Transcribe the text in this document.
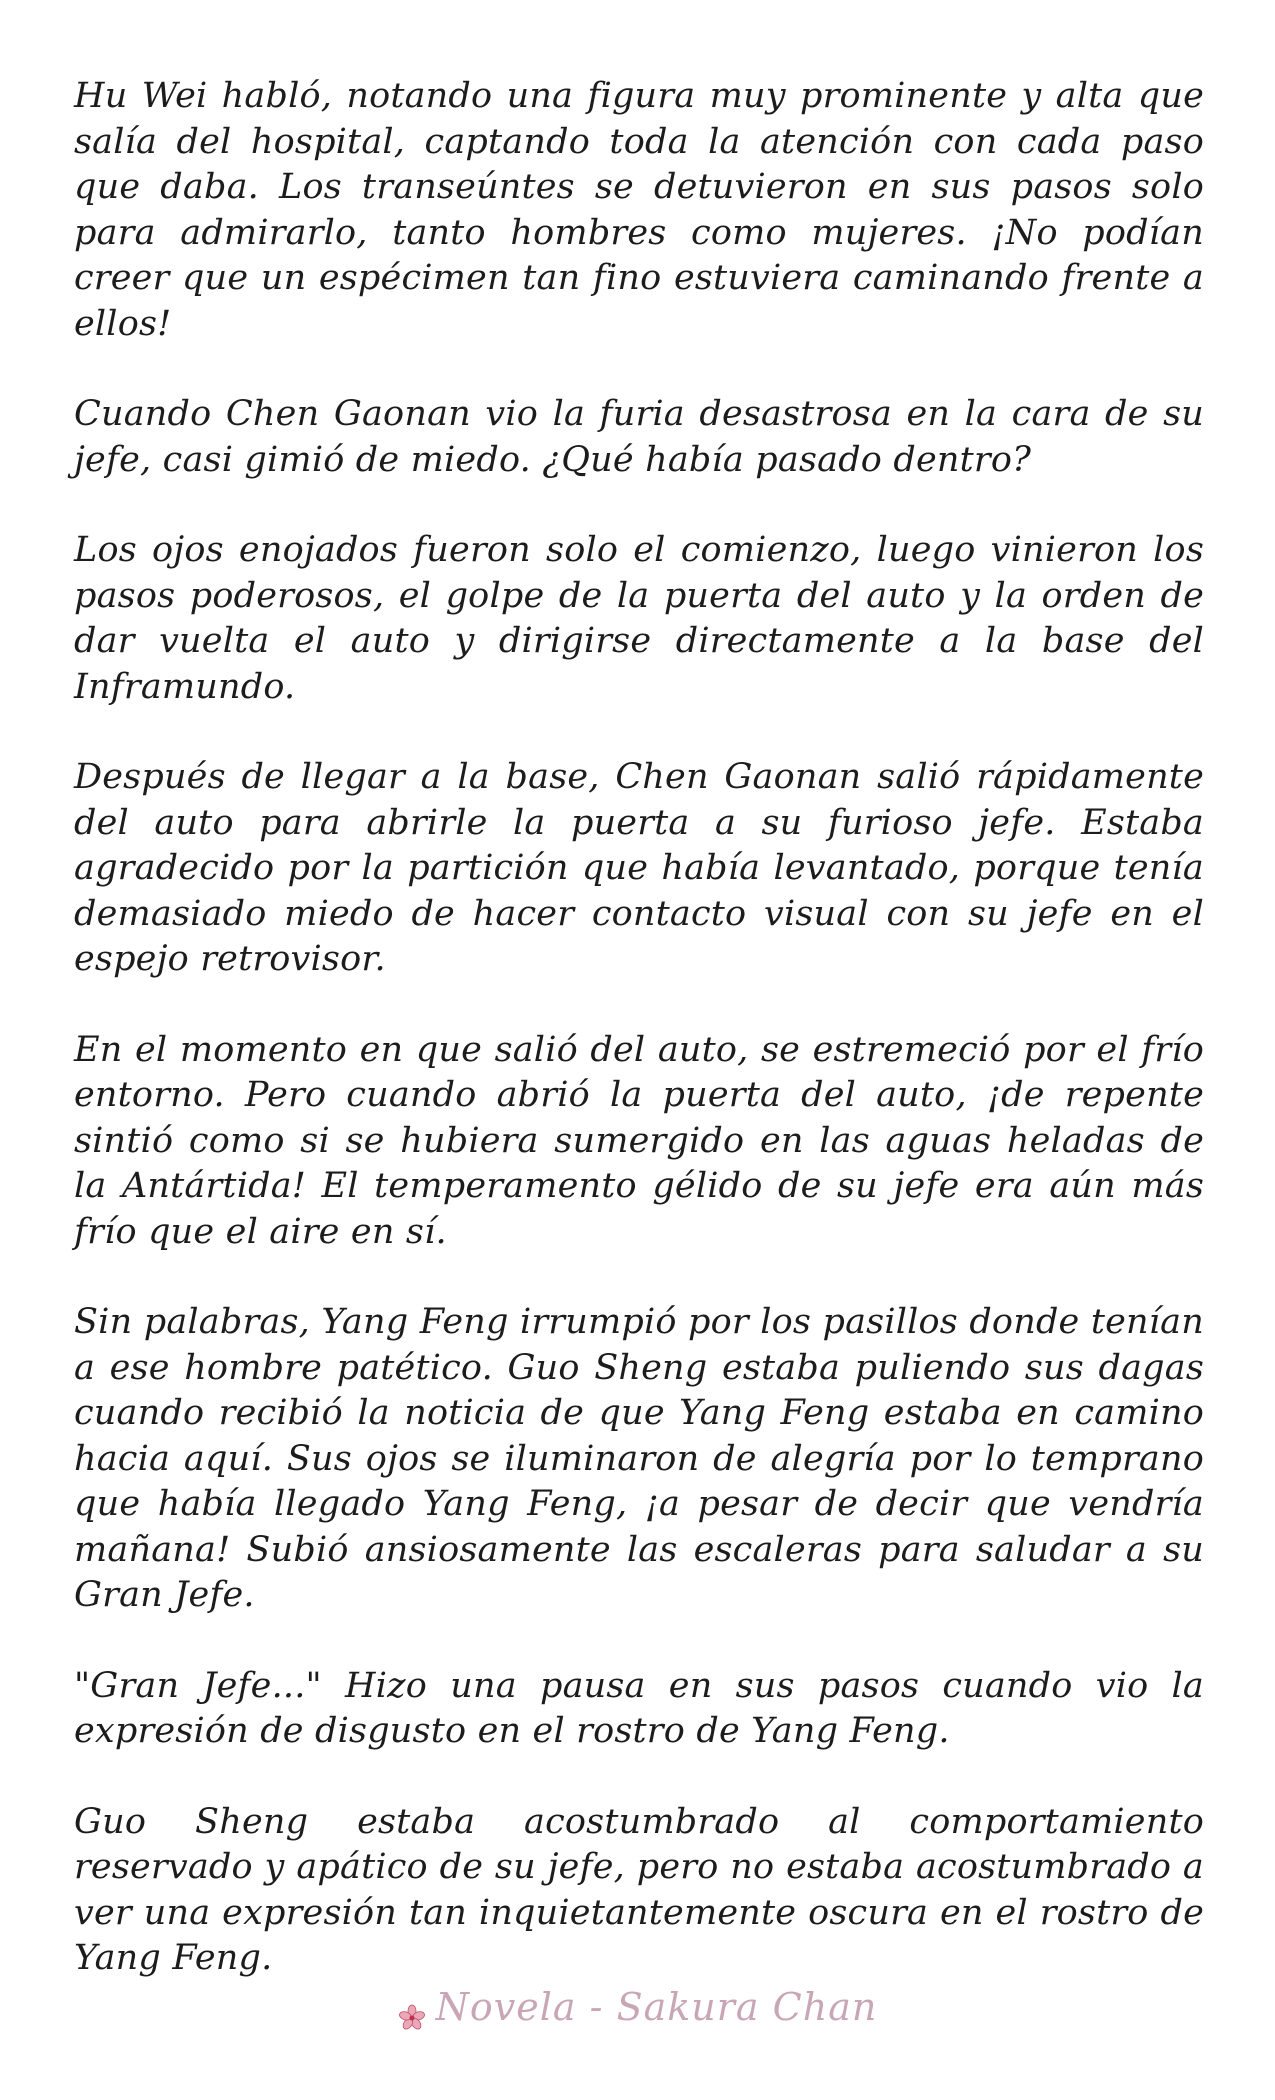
Hu Wei habló, notando una figura muy prominente y alta que salía del hospital, captando toda la atención con cada paso que daba. Los transeúntes se detuvieron en sus pasos solo para admirarlo, tanto hombres como mujeres. ¡No podían creer que un espécimen tan fino estuviera caminando frente a ellos!

Cuando Chen Gaonan vio la furia desastrosa en la cara de su jefe, casi gimió de miedo. ¿Qué había pasado dentro?

Los ojos enojados fueron solo el comienzo, luego vinieron los pasos poderosos, el golpe de la puerta del auto y la orden de dar vuelta el auto y dirigirse directamente a la base del Inframundo.

Después de llegar a la base, Chen Gaonan salió rápidamente del auto para abrirle la puerta a su furioso jefe. Estaba agradecido por la partición que había levantado, porque tenía demasiado miedo de hacer contacto visual con su jefe en el espejo retrovisor.

En el momento en que salió del auto, se estremeció por el frío entorno. Pero cuando abrió la puerta del auto, ¡de repente sintió como si se hubiera sumergido en las aguas heladas de la Antártida! El temperamento gélido de su jefe era aún más frío que el aire en sí.

Sin palabras, Yang Feng irrumpió por los pasillos donde tenían a ese hombre patético. Guo Sheng estaba puliendo sus dagas cuando recibió la noticia de que Yang Feng estaba en camino hacia aquí. Sus ojos se iluminaron de alegría por lo temprano que había llegado Yang Feng, ¡a pesar de decir que vendría mañana! Subió ansiosamente las escaleras para saludar a su Gran Jefe.

"Gran Jefe..." Hizo una pausa en sus pasos cuando vio la expresión de disgusto en el rostro de Yang Feng.

Guo Sheng estaba acostumbrado al comportamiento reservado y apático de su jefe, pero no estaba acostumbrado a ver una expresión tan inquietantemente oscura en el rostro de Yang Feng.

Novela - Sakura Chan
